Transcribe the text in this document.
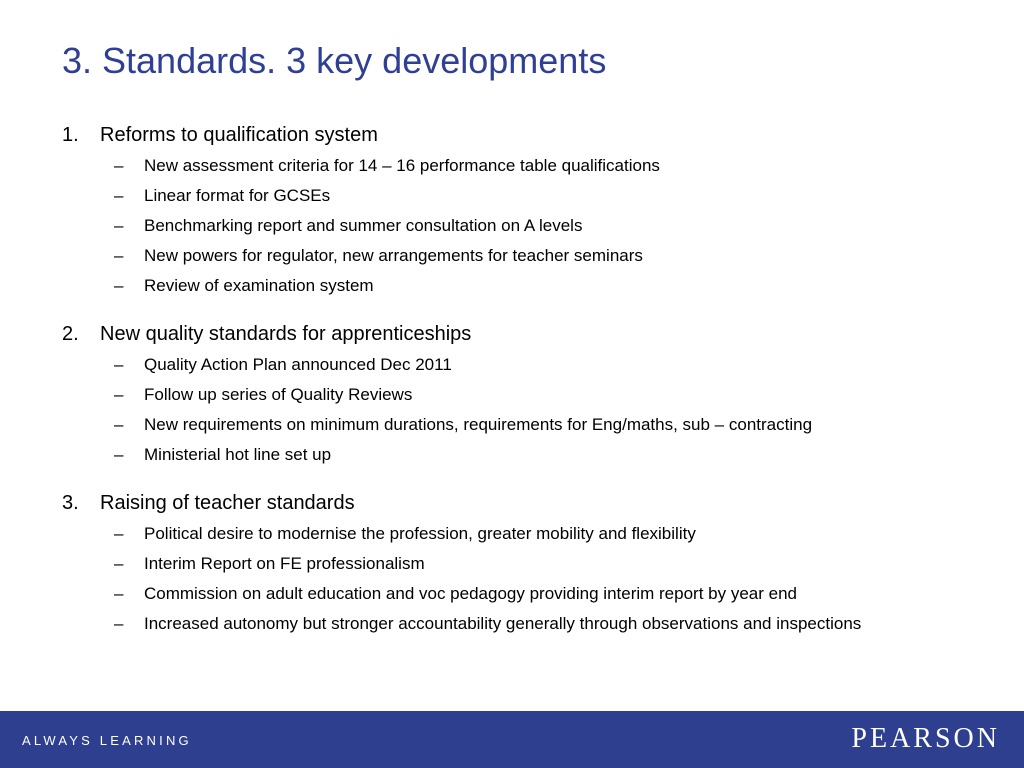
3. Standards. 3 key developments
1.	Reforms to qualification system
–	New assessment criteria for 14 – 16 performance table qualifications
–	Linear format for GCSEs
–	Benchmarking report and summer consultation on A levels
–	New powers for regulator, new arrangements for teacher seminars
–	Review of examination system
2.	New quality standards for apprenticeships
–	Quality Action Plan announced Dec 2011
–	Follow up series of Quality Reviews
–	New requirements on minimum durations, requirements for Eng/maths, sub – contracting
–	Ministerial hot line set up
3.	Raising of teacher standards
–	Political desire to modernise the profession, greater mobility and flexibility
–	Interim Report on FE professionalism
–	Commission on adult education and voc pedagogy providing interim report by year end
–	Increased autonomy but stronger accountability generally through observations and inspections
ALWAYS LEARNING	PEARSON
